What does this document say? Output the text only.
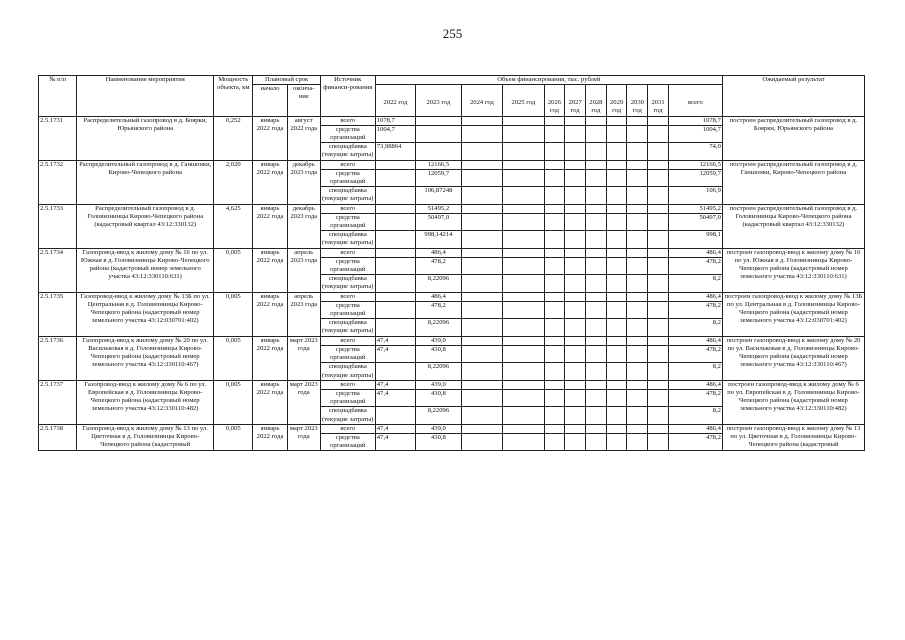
255
№ п/п	Наименование мероприятия	Мощность объекта, км	Плановый срок		Источник финанси-рования	Объем финансирования, тыс. рублей											Ожидаемый результат
			начало	оконча-ние		2022 год	2023 год	2024 год	2025 год	2026 год	2027 год	2028 год	2029 год	2030 год	2031 год	всего	

2.5.1731	Распределительный газопровод в д. Боярки, Юрьянского района	0,252	январь 2022 года	август 2022 года	всего	1078,7										1078,7	построен распределительный газопровод в д. Боярки, Юрьянского района
					средства организаций	1004,7										1004,7	
					спецнадбавка (текущие затраты)	73,98864										74,0	
2.5.1732	Распределительный газопровод в д. Ганшонки, Кирово-Чепецкого района	2,020	январь 2022 года	декабрь 2023 года	всего		12166,5									12166,5	построен распределительный газопровод в д. Ганшонки, Кирово-Чепецкого района
					средства организаций		12059,7									12059,7	
					спецнадбавка (текущие затраты)		106,87248									106,9	
2.5.1733	Распределительный газопровод в д. Головизнинцы Кирово-Чепецкого района (кадастровый квартал 43:12:330132)	4,625	январь 2022 года	декабрь 2023 года	всего		51495,2									51495,2	построен распределительный газопровод в д. Головизнинцы Кирово-Чепецкого района (кадастровый квартал 43:12:330132)
					средства организаций		50497,0									50497,0	
					спецнадбавка (текущие затраты)		998,14214									998,1	
2.5.1734	Газопровод-ввод к жилому дому № 16 по ул. Южная в д. Головизнинцы Кирово-Чепецкого района (кадастровый номер земельного участка 43:12:330110:631)	0,005	январь 2022 года	апрель 2023 года	всего		486,4									486,4	построен газопровод-ввод к жилому дому № 16 по ул. Южная в д. Головизнинцы Кирово-Чепецкого района (кадастровый номер земельного участка 43:12:330110:631)
					средства организаций		478,2									478,2	
					спецнадбавка (текущие затраты)		8,22096									8,2	
2.5.1735	Газопровод-ввод к жилому дому № 13Б по ул. Центральная в д. Головизнинцы Кирово-Чепецкого района (кадастровый номер земельного участка 43:12:030701:402)	0,005	январь 2022 года	апрель 2023 года	всего		486,4									486,4	построен газопровод-ввод к жилому дому № 13Б по ул. Центральная в д. Головизнинцы Кирово-Чепецкого района (кадастровый номер земельного участка 43:12:030701:402)
					средства организаций		478,2									478,2	
					спецнадбавка (текущие затраты)		8,22096									8,2	
2.5.1736	Газопровод-ввод к жилому дому № 20 по ул. Васильковая в д. Головизнинцы Кирово-Чепецкого района (кадастровый номер земельного участка 43:12:330110:467)	0,005	январь 2022 года	март 2023 года	всего	47,4	439,0									486,4	построен газопровод-ввод к жилому дому № 20 по ул. Васильковая в д. Головизнинцы Кирово-Чепецкого района (кадастровый номер земельного участка 43:12:330110:467)
					средства организаций	47,4	430,8									478,2	
					спецнадбавка (текущие затраты)		8,22096									8,2	
2.5.1737	Газопровод-ввод к жилому дому № 6 по ул. Европейская в д. Головизнинцы Кирово-Чепецкого района (кадастровый номер земельного участка 43:12:330110:482)	0,005	январь 2022 года	март 2023 года	всего	47,4	439,0									486,4	построен газопровод-ввод к жилому дому № 6 по ул. Европейская в д. Головизнинцы Кирово-Чепецкого района (кадастровый номер земельного участка 43:12:330110:482)
					средства организаций	47,4	430,8									478,2	
					спецнадбавка (текущие затраты)		8,22096									8,2	
2.5.1738	Газопровод-ввод к жилому дому № 13 по ул. Цветочная в д. Головизнинцы Кирово-Чепецкого района (кадастровый	0,005	январь 2022 года	март 2023 года	всего	47,4	439,0									486,4	построен газопровод-ввод к жилому дому № 13 по ул. Цветочная в д. Головизнинцы Кирово-Чепецкого района (кадастровый
					средства организаций	47,4	430,8									478,2	
